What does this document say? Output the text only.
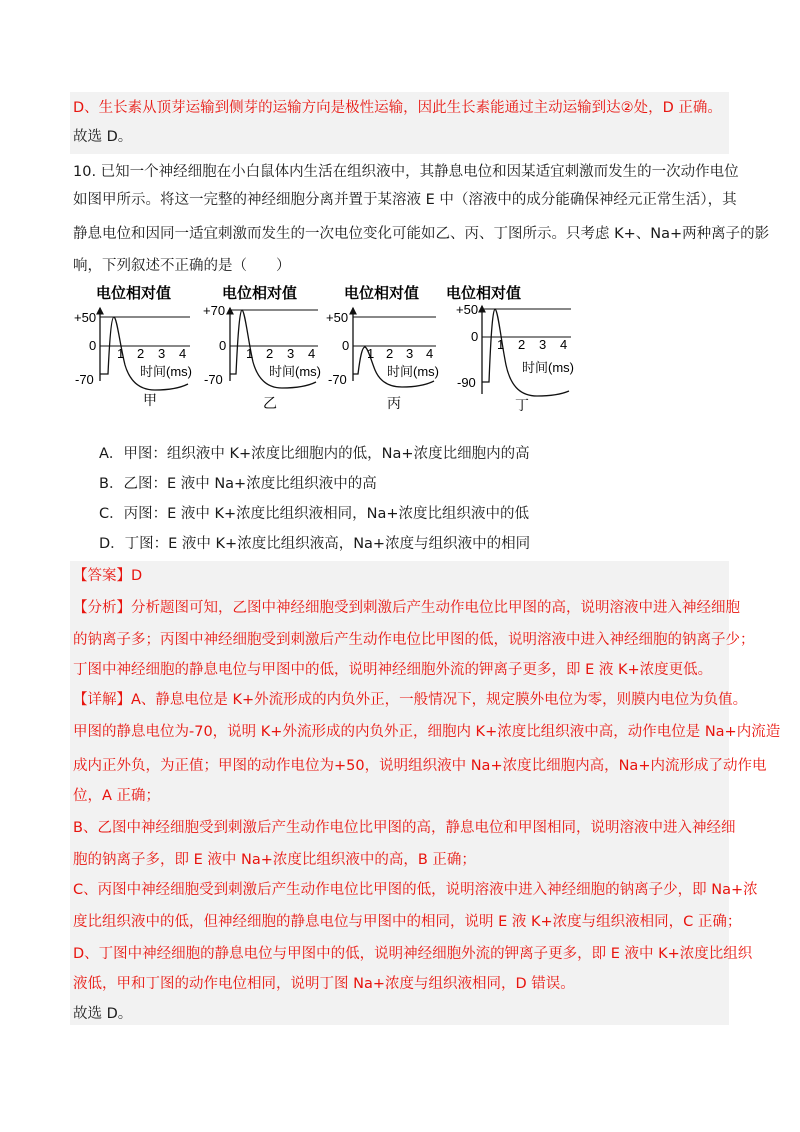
D、生长素从顶芽运输到侧芽的运输方向是极性运输，因此生长素能通过主动运输到达②处，D 正确。
故选 D。
10. 已知一个神经细胞在小白鼠体内生活在组织液中，其静息电位和因某适宜刺激而发生的一次动作电位
如图甲所示。将这一完整的神经细胞分离并置于某溶液 E 中（溶液中的成分能确保神经元正常生活），其
静息电位和因同一适宜刺激而发生的一次电位变化可能如乙、丙、丁图所示。只考虑 K+、Na+两种离子的影
响，下列叙述不正确的是（　　）
电位相对值
+50
0
-70
1 2 3 4
时间(ms)
甲
电位相对值
+70
0
-70
1 2 3 4
时间(ms)
乙
电位相对值
+50
0
-70
1 2 3 4
时间(ms)
丙
电位相对值
+50
0
-90
1 2 3 4
时间(ms)
丁
A．甲图：组织液中 K+浓度比细胞内的低，Na+浓度比细胞内的高
B．乙图：E 液中 Na+浓度比组织液中的高
C．丙图：E 液中 K+浓度比组织液相同，Na+浓度比组织液中的低
D．丁图：E 液中 K+浓度比组织液高，Na+浓度与组织液中的相同
【答案】D
【分析】分析题图可知，乙图中神经细胞受到刺激后产生动作电位比甲图的高，说明溶液中进入神经细胞
的钠离子多；丙图中神经细胞受到刺激后产生动作电位比甲图的低，说明溶液中进入神经细胞的钠离子少；
丁图中神经细胞的静息电位与甲图中的低，说明神经细胞外流的钾离子更多，即 E 液 K+浓度更低。
【详解】A、静息电位是 K+外流形成的内负外正，一般情况下，规定膜外电位为零，则膜内电位为负值。
甲图的静息电位为-70，说明 K+外流形成的内负外正，细胞内 K+浓度比组织液中高，动作电位是 Na+内流造
成内正外负，为正值；甲图的动作电位为+50，说明组织液中 Na+浓度比细胞内高，Na+内流形成了动作电
位，A 正确；
B、乙图中神经细胞受到刺激后产生动作电位比甲图的高，静息电位和甲图相同，说明溶液中进入神经细
胞的钠离子多，即 E 液中 Na+浓度比组织液中的高，B 正确；
C、丙图中神经细胞受到刺激后产生动作电位比甲图的低，说明溶液中进入神经细胞的钠离子少，即 Na+浓
度比组织液中的低，但神经细胞的静息电位与甲图中的相同，说明 E 液 K+浓度与组织液相同，C 正确；
D、丁图中神经细胞的静息电位与甲图中的低，说明神经细胞外流的钾离子更多，即 E 液中 K+浓度比组织
液低，甲和丁图的动作电位相同，说明丁图 Na+浓度与组织液相同，D 错误。
故选 D。
